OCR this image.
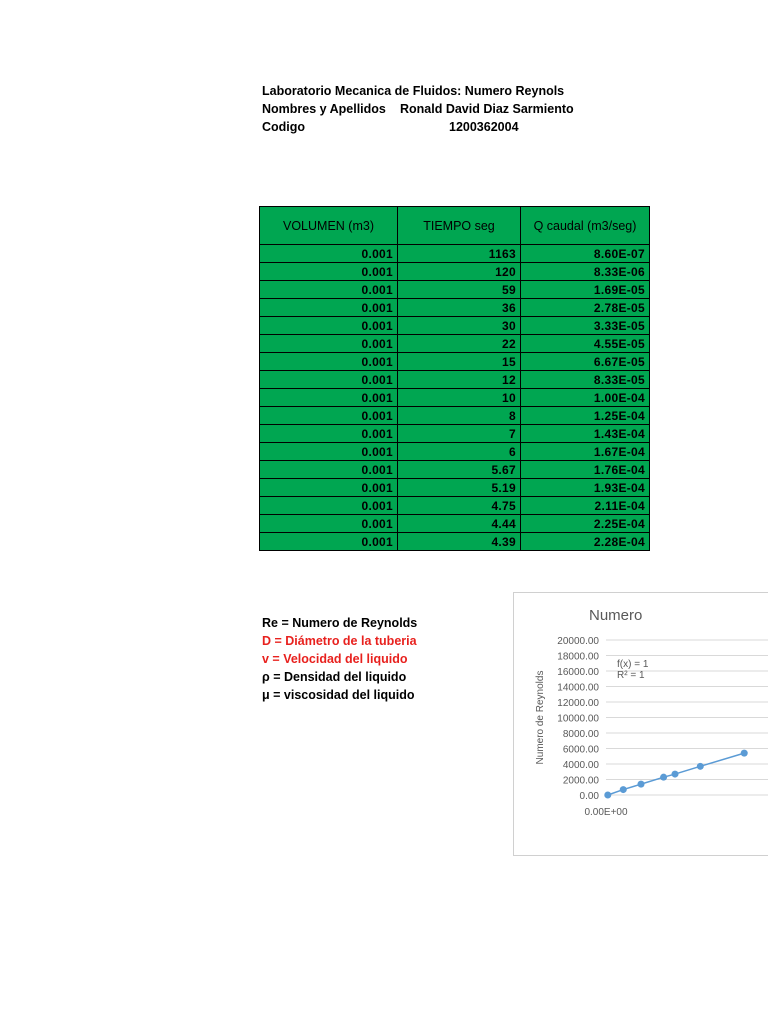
Laboratorio Mecanica de Fluidos: Numero Reynols
Nombres y Apellidos Ronald David Diaz Sarmiento
Codigo	1200362004
VOLUMEN (m3)	TIEMPO seg	Q caudal (m3/seg)
0.001	1163	8.60E-07
0.001	120	8.33E-06
0.001	59	1.69E-05
0.001	36	2.78E-05
0.001	30	3.33E-05
0.001	22	4.55E-05
0.001	15	6.67E-05
0.001	12	8.33E-05
0.001	10	1.00E-04
0.001	8	1.25E-04
0.001	7	1.43E-04
0.001	6	1.67E-04
0.001	5.67	1.76E-04
0.001	5.19	1.93E-04
0.001	4.75	2.11E-04
0.001	4.44	2.25E-04
0.001	4.39	2.28E-04
Re = Numero de Reynolds
D = Diámetro de la tuberia
v = Velocidad del liquido
ρ = Densidad del liquido
μ = viscosidad del liquido
Numero
20000.00
18000.00
16000.00
14000.00
12000.00
10000.00
8000.00
6000.00
4000.00
2000.00
0.00
0.00E+00
Numero de Reynolds
f(x) = 1
R² = 1
